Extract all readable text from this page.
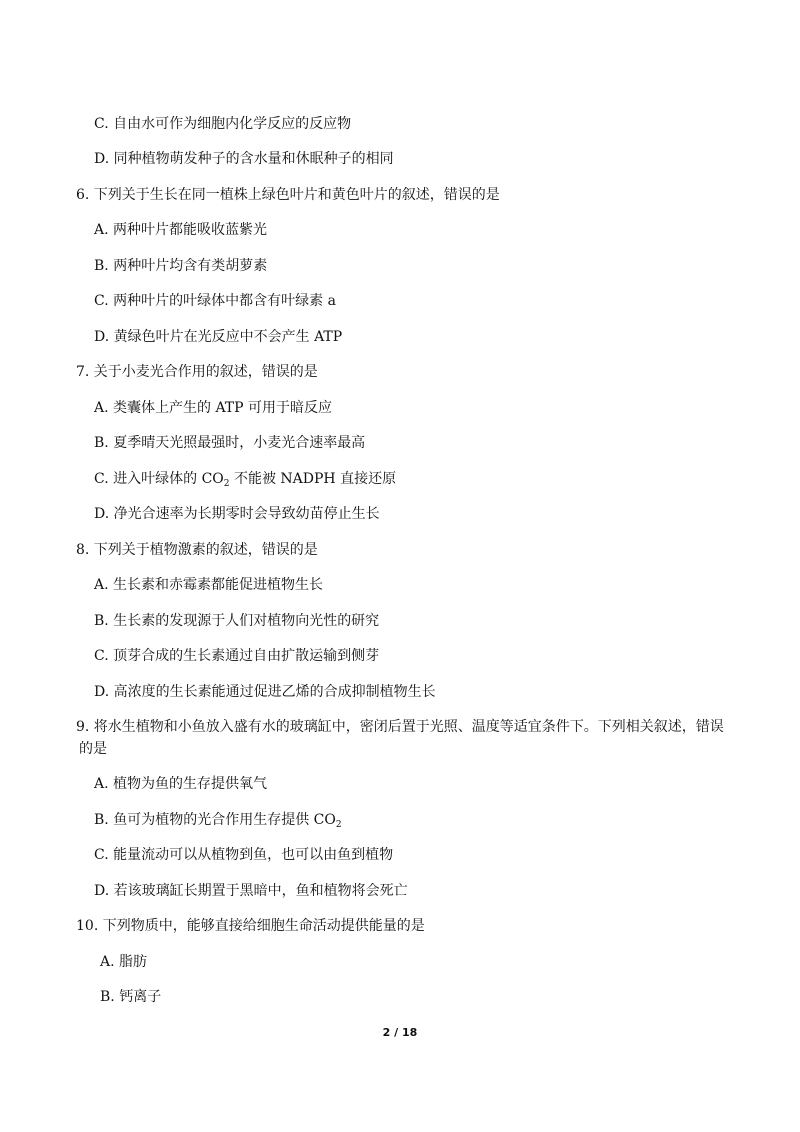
C. 自由水可作为细胞内化学反应的反应物
D. 同种植物萌发种子的含水量和休眠种子的相同
6. 下列关于生长在同一植株上绿色叶片和黄色叶片的叙述，错误的是
A. 两种叶片都能吸收蓝紫光
B. 两种叶片均含有类胡萝素
C. 两种叶片的叶绿体中都含有叶绿素 a
D. 黄绿色叶片在光反应中不会产生 ATP
7. 关于小麦光合作用的叙述，错误的是
A. 类囊体上产生的 ATP 可用于暗反应
B. 夏季晴天光照最强时，小麦光合速率最高
C. 进入叶绿体的 $CO_2$ 不能被 NADPH 直接还原
D. 净光合速率为长期零时会导致幼苗停止生长
8. 下列关于植物激素的叙述，错误的是
A. 生长素和赤霉素都能促进植物生长
B. 生长素的发现源于人们对植物向光性的研究
C. 顶芽合成的生长素通过自由扩散运输到侧芽
D. 高浓度的生长素能通过促进乙烯的合成抑制植物生长
9. 将水生植物和小鱼放入盛有水的玻璃缸中，密闭后置于光照、温度等适宜条件下。下列相关叙述，错误
的是
A. 植物为鱼的生存提供氧气
B. 鱼可为植物的光合作用生存提供 $CO_2$
C. 能量流动可以从植物到鱼，也可以由鱼到植物
D. 若该玻璃缸长期置于黑暗中，鱼和植物将会死亡
10. 下列物质中，能够直接给细胞生命活动提供能量的是
A. 脂肪
B. 钙离子
2 / 18
